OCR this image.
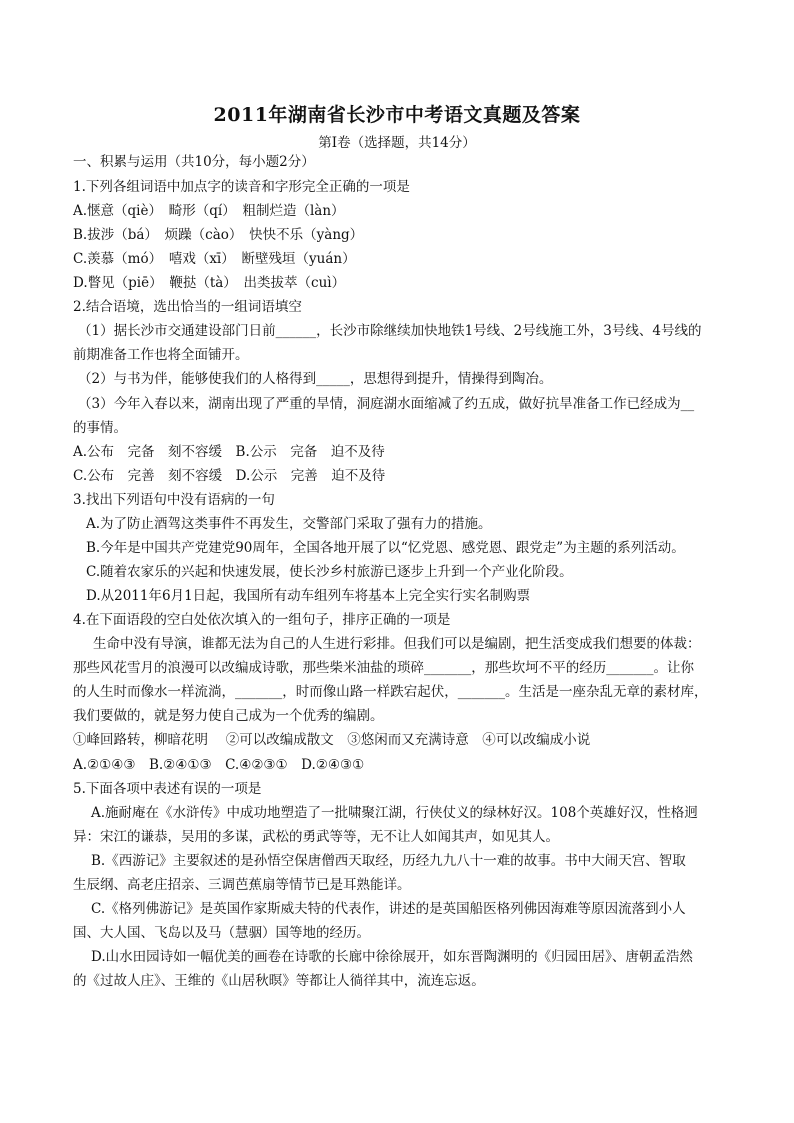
2011年湖南省长沙市中考语文真题及答案
第Ⅰ卷（选择题，共14分）
一、积累与运用（共10分，每小题2分）
1.下列各组词语中加点字的读音和字形完全正确的一项是
A.惬意（qiè）　畸形（qí）　粗制烂造（làn）
B.拔涉（bá）　烦躁（cào）　快快不乐（yàng）
C.羡慕（mó）　嘻戏（xī）　断壁残垣（yuán）
D.瞥见（piē）　鞭挞（tà）　出类拔萃（cuì）
2.结合语境，选出恰当的一组词语填空
（1）据长沙市交通建设部门日前______，长沙市除继续加快地铁1号线、2号线施工外，3号线、4号线的
前期准备工作也将全面铺开。
（2）与书为伴，能够使我们的人格得到_____，思想得到提升，情操得到陶冶。
（3）今年入春以来，湖南出现了严重的旱情，洞庭湖水面缩减了约五成，做好抗旱准备工作已经成为__
的事情。
A.公布　完备　刻不容缓　B.公示　完备　迫不及待
C.公布　完善　刻不容缓　D.公示　完善　迫不及待
3.找出下列语句中没有语病的一句
A.为了防止酒驾这类事件不再发生，交警部门采取了强有力的措施。
B.今年是中国共产党建党90周年，全国各地开展了以“忆党恩、感党恩、跟党走”为主题的系列活动。
C.随着农家乐的兴起和快速发展，使长沙乡村旅游已逐步上升到一个产业化阶段。
D.从2011年6月1日起，我国所有动车组列车将基本上完全实行实名制购票
4.在下面语段的空白处依次填入的一组句子，排序正确的一项是
生命中没有导演，谁都无法为自己的人生进行彩排。但我们可以是编剧，把生活变成我们想要的体裁：
那些风花雪月的浪漫可以改编成诗歌，那些柴米油盐的琐碎_______，那些坎坷不平的经历_______。让你
的人生时而像水一样流淌，_______，时而像山路一样跌宕起伏，_______。生活是一座杂乱无章的素材库，
我们要做的，就是努力使自己成为一个优秀的编剧。
①峰回路转，柳暗花明　 ②可以改编成散文　③悠闲而又充满诗意　④可以改编成小说
A.②①④③　B.②④①③　C.④②③①　D.②④③①
5.下面各项中表述有误的一项是
A.施耐庵在《水浒传》中成功地塑造了一批啸聚江湖，行侠仗义的绿林好汉。108个英雄好汉，性格迥
异：宋江的谦恭，吴用的多谋，武松的勇武等等，无不让人如闻其声，如见其人。
B.《西游记》主要叙述的是孙悟空保唐僧西天取经，历经九九八十一难的故事。书中大闹天宫、智取
生辰纲、高老庄招亲、三调芭蕉扇等情节已是耳熟能详。
C.《格列佛游记》是英国作家斯威夫特的代表作，讲述的是英国船医格列佛因海难等原因流落到小人
国、大人国、飞岛以及马（慧骃）国等地的经历。
D.山水田园诗如一幅优美的画卷在诗歌的长廊中徐徐展开，如东晋陶渊明的《归园田居》、唐朝孟浩然
的《过故人庄》、王维的《山居秋暝》等都让人徜徉其中，流连忘返。
